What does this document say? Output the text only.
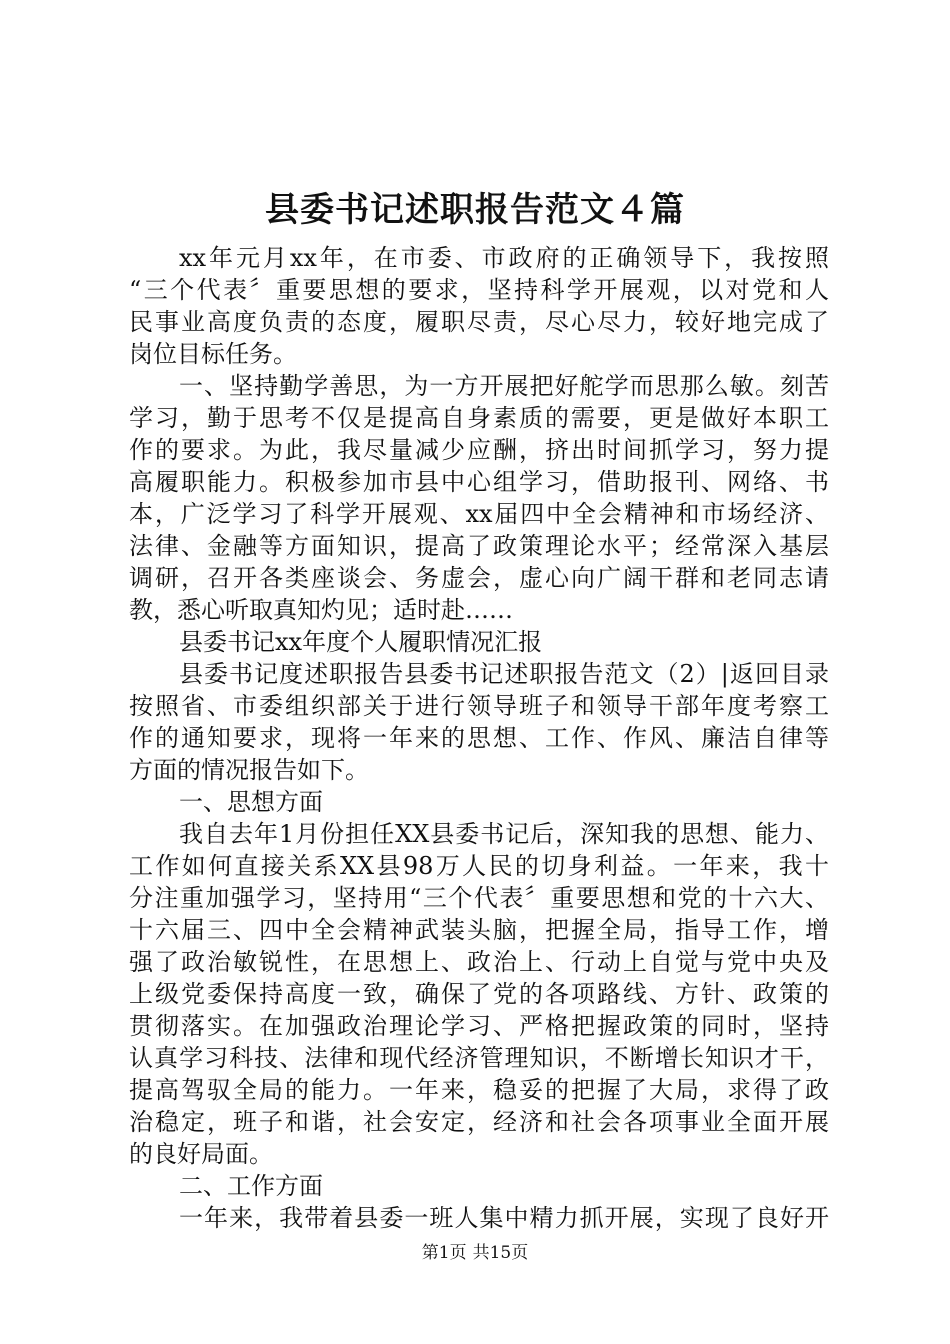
县委书记述职报告范文４篇
xx年元月xx年，在市委、市政府的正确领导下，我按照
“三个代表〞重要思想的要求，坚持科学开展观，以对党和人
民事业高度负责的态度，履职尽责，尽心尽力，较好地完成了
岗位目标任务。
一、坚持勤学善思，为一方开展把好舵学而思那么敏。刻苦
学习，勤于思考不仅是提高自身素质的需要，更是做好本职工
作的要求。为此，我尽量减少应酬，挤出时间抓学习，努力提
高履职能力。积极参加市县中心组学习，借助报刊、网络、书
本，广泛学习了科学开展观、xx届四中全会精神和市场经济、
法律、金融等方面知识，提高了政策理论水平；经常深入基层
调研，召开各类座谈会、务虚会，虚心向广阔干群和老同志请
教，悉心听取真知灼见；适时赴……
县委书记xx年度个人履职情况汇报
县委书记度述职报告县委书记述职报告范文（2）|返回目录
按照省、市委组织部关于进行领导班子和领导干部年度考察工
作的通知要求，现将一年来的思想、工作、作风、廉洁自律等
方面的情况报告如下。
一、思想方面
我自去年1月份担任XX县委书记后，深知我的思想、能力、
工作如何直接关系XX县98万人民的切身利益。一年来，我十
分注重加强学习，坚持用“三个代表〞重要思想和党的十六大、
十六届三、四中全会精神武装头脑，把握全局，指导工作，增
强了政治敏锐性，在思想上、政治上、行动上自觉与党中央及
上级党委保持高度一致，确保了党的各项路线、方针、政策的
贯彻落实。在加强政治理论学习、严格把握政策的同时，坚持
认真学习科技、法律和现代经济管理知识，不断增长知识才干，
提高驾驭全局的能力。一年来，稳妥的把握了大局，求得了政
治稳定，班子和谐，社会安定，经济和社会各项事业全面开展
的良好局面。
二、工作方面
一年来，我带着县委一班人集中精力抓开展，实现了良好开
第1页 共15页
